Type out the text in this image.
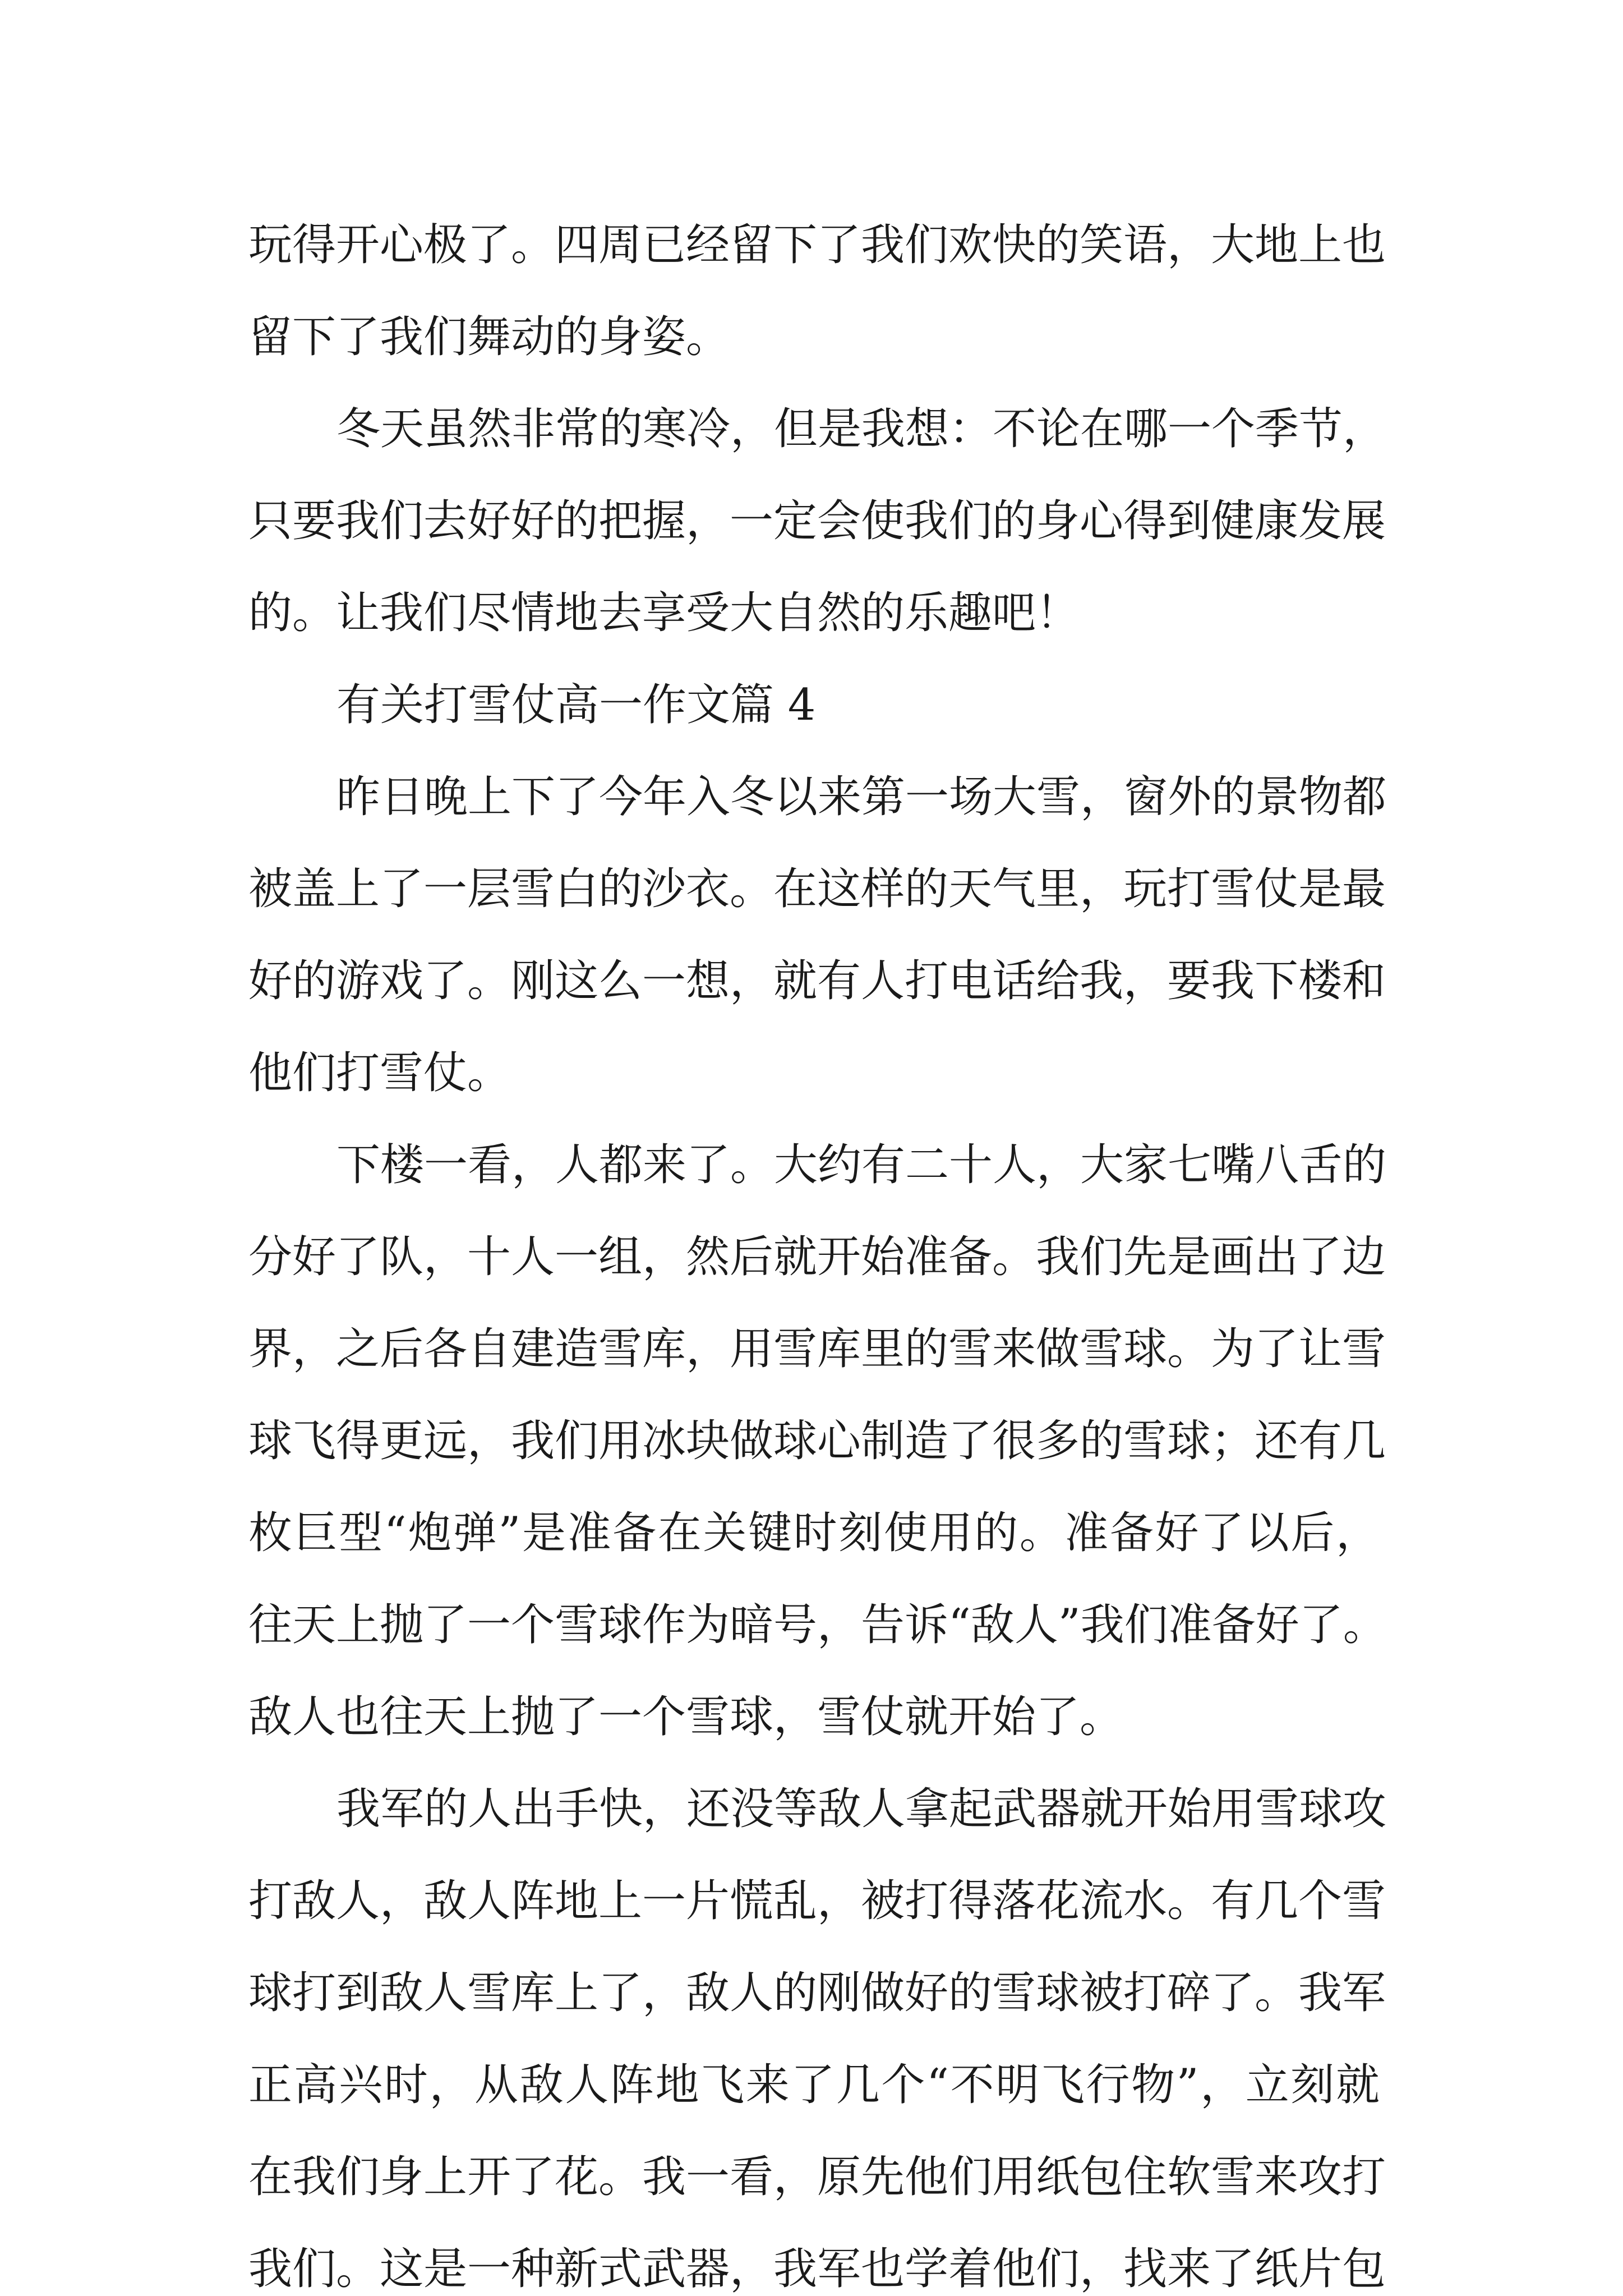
玩得开心极了。四周已经留下了我们欢快的笑语，大地上也
留下了我们舞动的身姿。
冬天虽然非常的寒冷，但是我想：不论在哪一个季节，
只要我们去好好的把握，一定会使我们的身心得到健康发展
的。让我们尽情地去享受大自然的乐趣吧！
有关打雪仗高一作文篇 4
昨日晚上下了今年入冬以来第一场大雪，窗外的景物都
被盖上了一层雪白的沙衣。在这样的天气里，玩打雪仗是最
好的游戏了。刚这么一想，就有人打电话给我，要我下楼和
他们打雪仗。
下楼一看，人都来了。大约有二十人，大家七嘴八舌的
分好了队，十人一组，然后就开始准备。我们先是画出了边
界，之后各自建造雪库，用雪库里的雪来做雪球。为了让雪
球飞得更远，我们用冰块做球心制造了很多的雪球；还有几
枚巨型“炮弹”是准备在关键时刻使用的。准备好了以后，
往天上抛了一个雪球作为暗号，告诉“敌人”我们准备好了。
敌人也往天上抛了一个雪球，雪仗就开始了。
我军的人出手快，还没等敌人拿起武器就开始用雪球攻
打敌人，敌人阵地上一片慌乱，被打得落花流水。有几个雪
球打到敌人雪库上了，敌人的刚做好的雪球被打碎了。我军
正高兴时，从敌人阵地飞来了几个“不明飞行物”，立刻就
在我们身上开了花。我一看，原先他们用纸包住软雪来攻打
我们。这是一种新式武器，我军也学着他们，找来了纸片包
